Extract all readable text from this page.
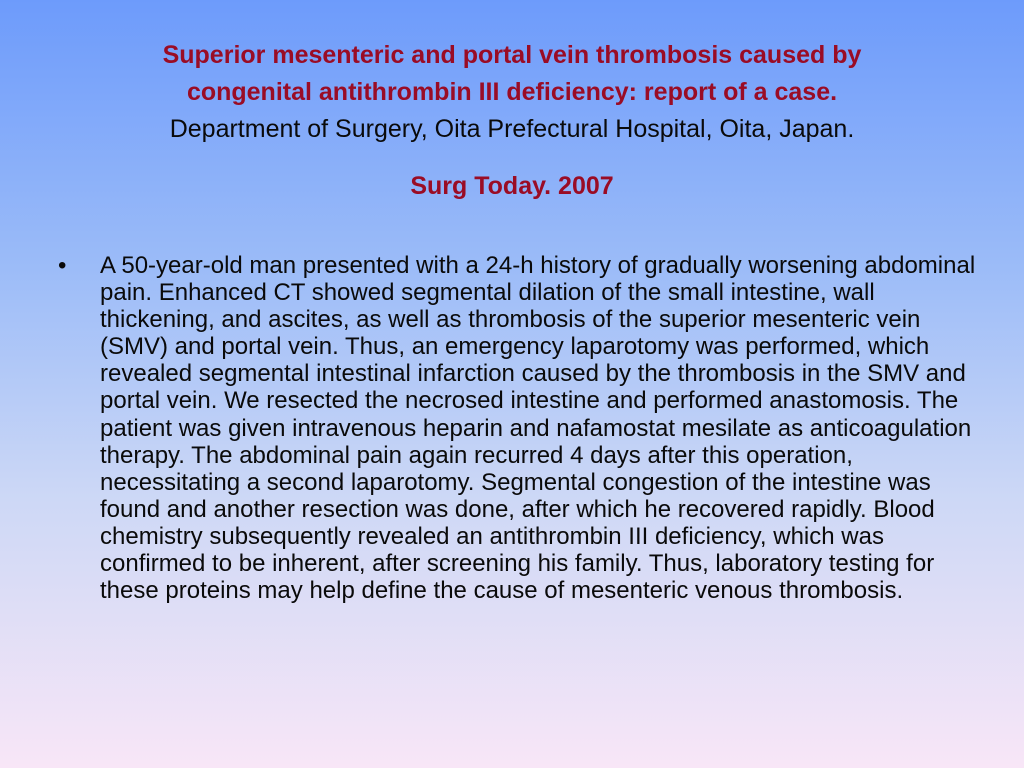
Superior mesenteric and portal vein thrombosis caused by
congenital antithrombin III deficiency: report of a case.
Department of Surgery, Oita Prefectural Hospital, Oita, Japan.
Surg Today. 2007
• A 50-year-old man presented with a 24-h history of gradually worsening abdominal pain. Enhanced CT showed segmental dilation of the small intestine, wall thickening, and ascites, as well as thrombosis of the superior mesenteric vein (SMV) and portal vein. Thus, an emergency laparotomy was performed, which revealed segmental intestinal infarction caused by the thrombosis in the SMV and portal vein. We resected the necrosed intestine and performed anastomosis. The patient was given intravenous heparin and nafamostat mesilate as anticoagulation therapy. The abdominal pain again recurred 4 days after this operation, necessitating a second laparotomy. Segmental congestion of the intestine was found and another resection was done, after which he recovered rapidly. Blood chemistry subsequently revealed an antithrombin III deficiency, which was confirmed to be inherent, after screening his family. Thus, laboratory testing for these proteins may help define the cause of mesenteric venous thrombosis.
